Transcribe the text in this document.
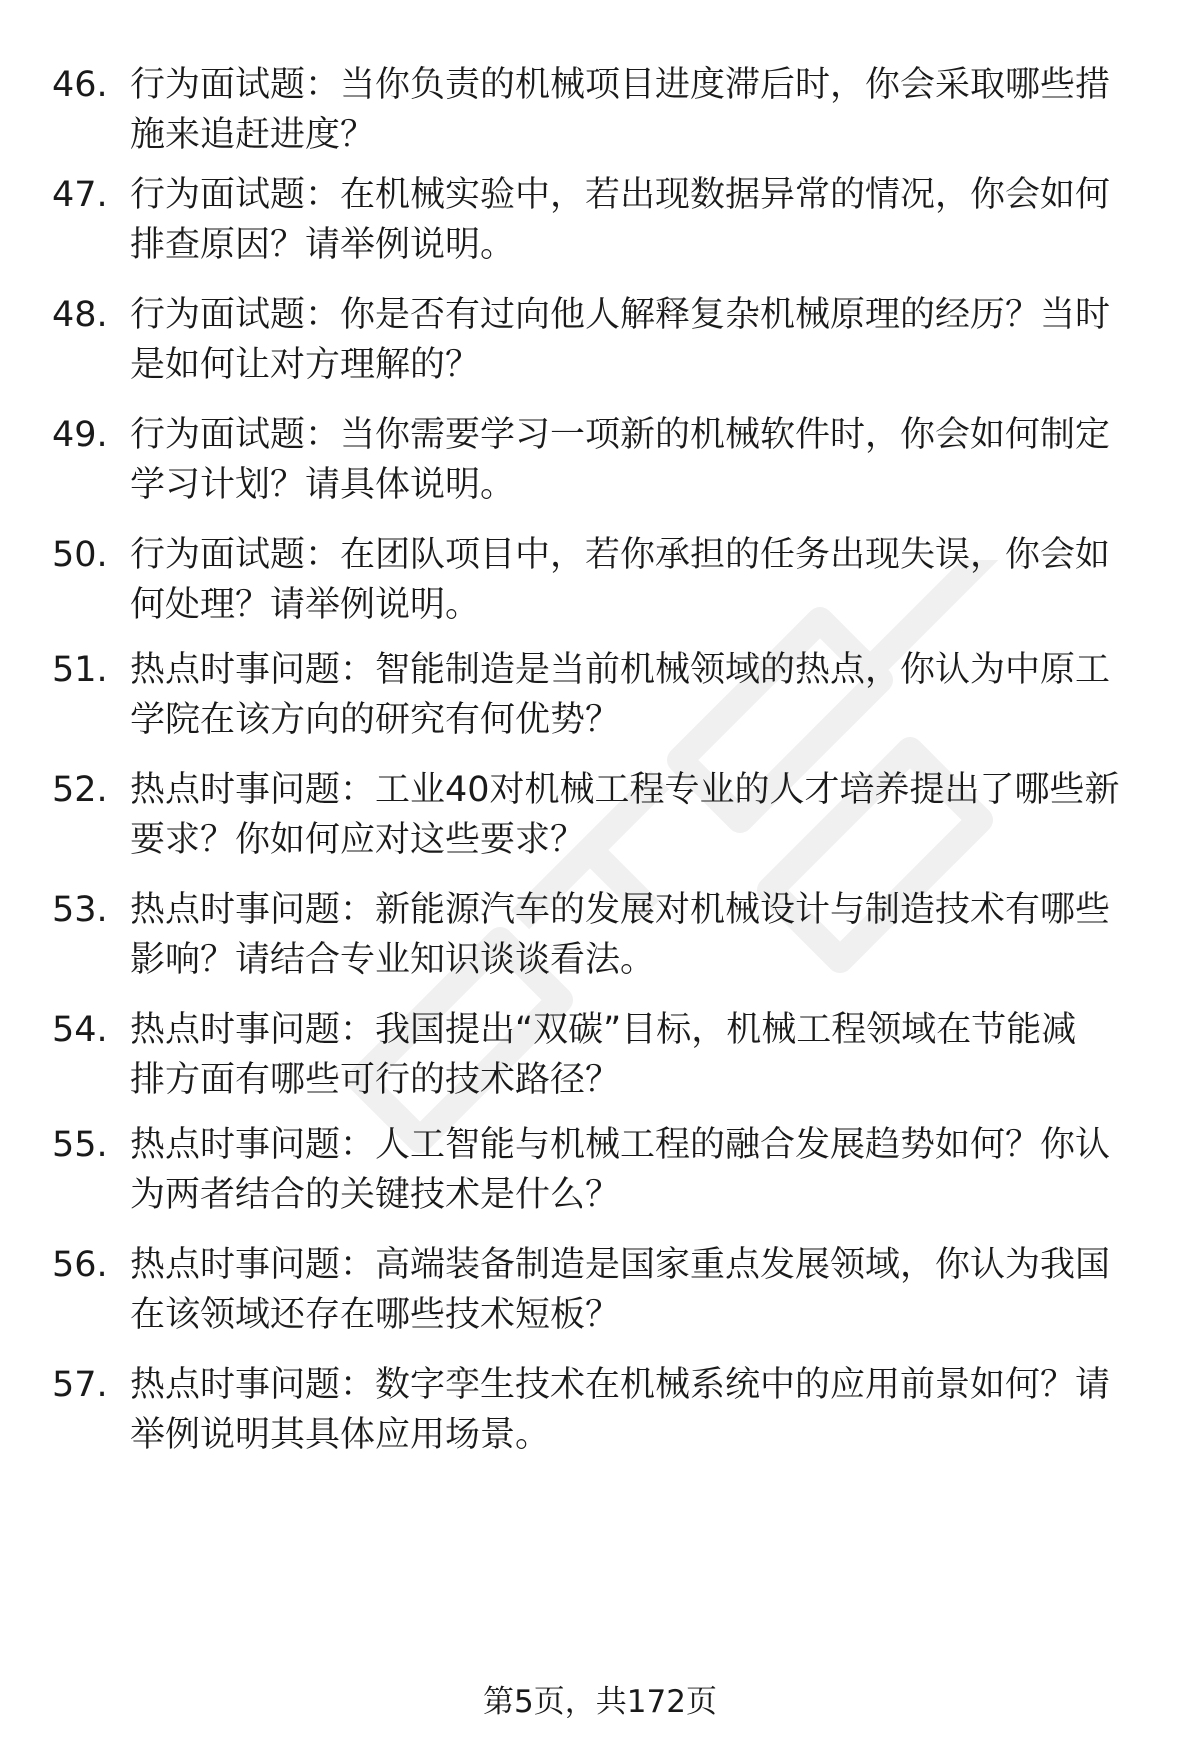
46. 行为面试题：当你负责的机械项目进度滞后时，你会采取哪些措
施来追赶进度？
47. 行为面试题：在机械实验中，若出现数据异常的情况，你会如何
排查原因？请举例说明。
48. 行为面试题：你是否有过向他人解释复杂机械原理的经历？当时
是如何让对方理解的？
49. 行为面试题：当你需要学习一项新的机械软件时，你会如何制定
学习计划？请具体说明。
50. 行为面试题：在团队项目中，若你承担的任务出现失误，你会如
何处理？请举例说明。
51. 热点时事问题：智能制造是当前机械领域的热点，你认为中原工
学院在该方向的研究有何优势？
52. 热点时事问题：工业40对机械工程专业的人才培养提出了哪些新
要求？你如何应对这些要求？
53. 热点时事问题：新能源汽车的发展对机械设计与制造技术有哪些
影响？请结合专业知识谈谈看法。
54. 热点时事问题：我国提出“双碳”目标，机械工程领域在节能减
排方面有哪些可行的技术路径？
55. 热点时事问题：人工智能与机械工程的融合发展趋势如何？你认
为两者结合的关键技术是什么？
56. 热点时事问题：高端装备制造是国家重点发展领域，你认为我国
在该领域还存在哪些技术短板？
57. 热点时事问题：数字孪生技术在机械系统中的应用前景如何？请
举例说明其具体应用场景。
第5页，共172页
